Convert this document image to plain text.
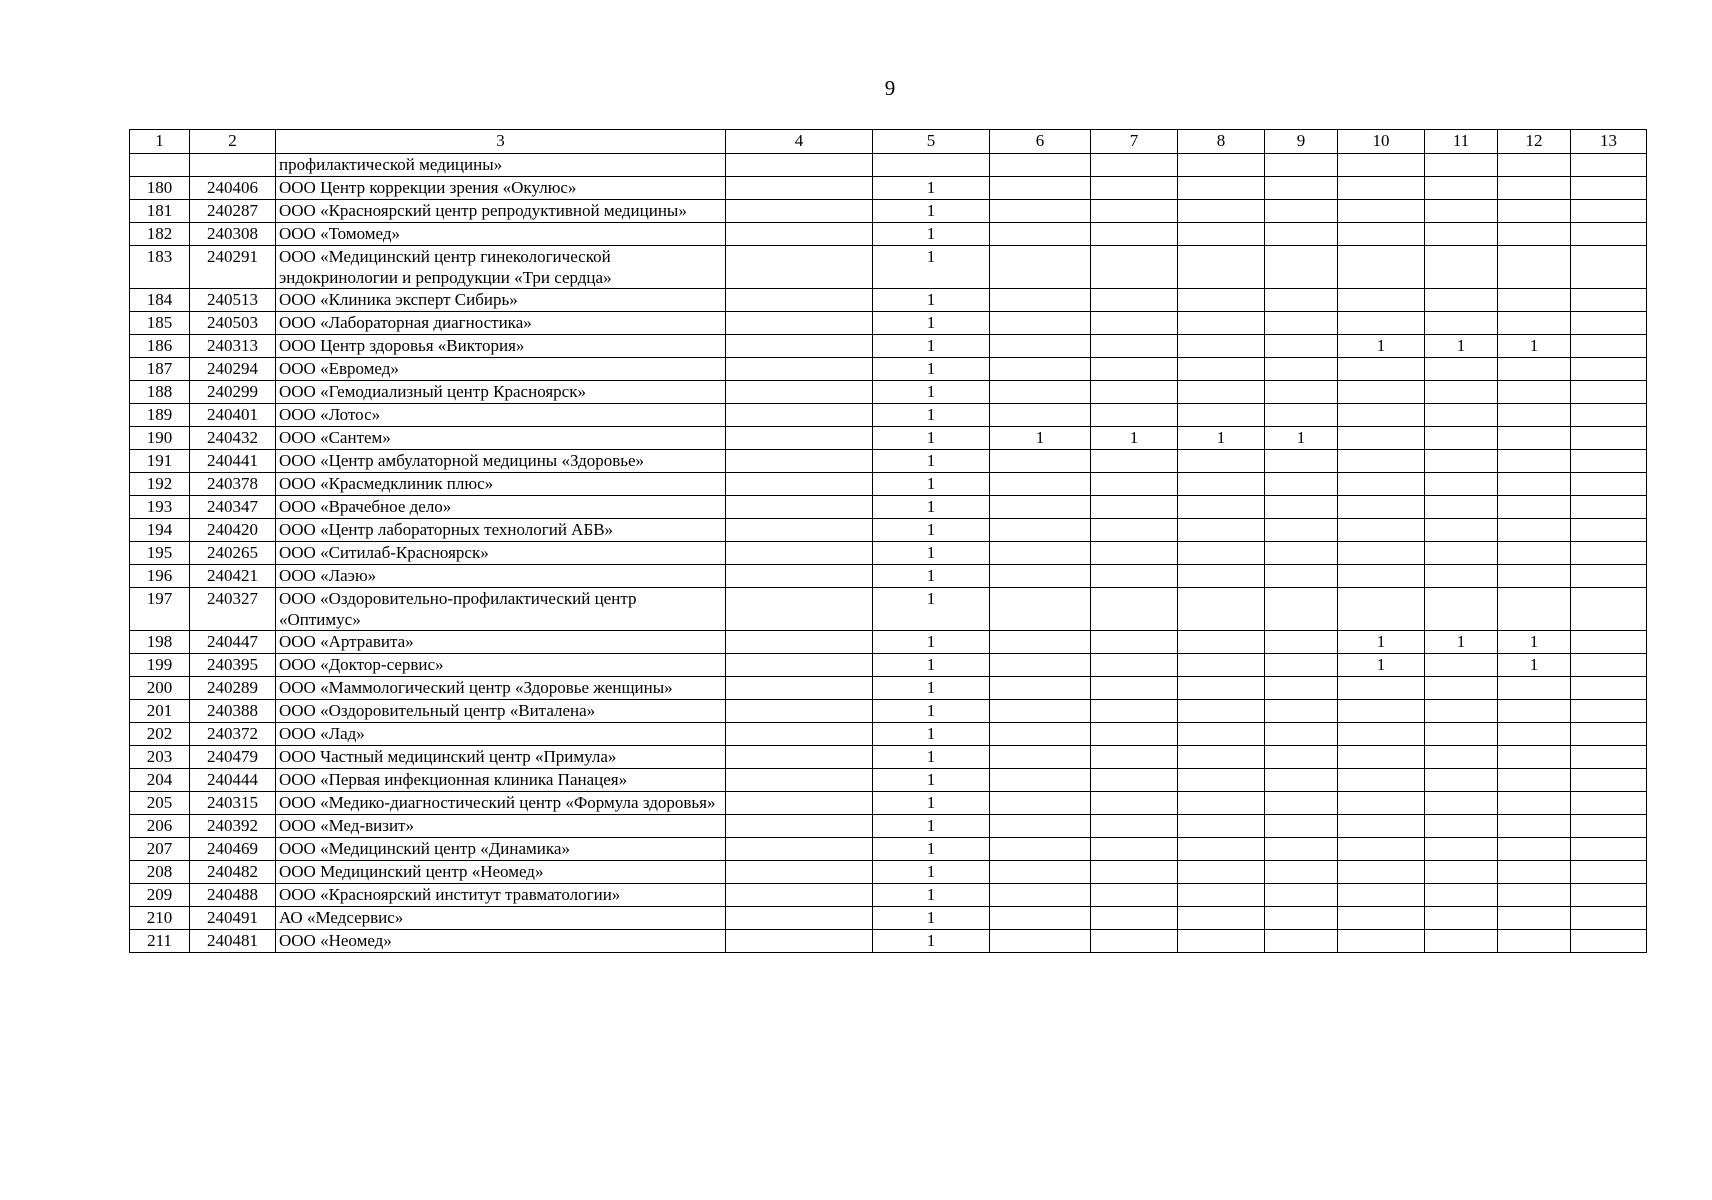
9
1	2	3	4	5	6	7	8	9	10	11	12	13
		профилактической медицины»										
180	240406	ООО Центр коррекции зрения «Окулюс»		1								
181	240287	ООО «Красноярский центр репродуктивной медицины»		1								
182	240308	ООО «Томомед»		1								
183	240291	ООО «Медицинский центр гинекологической эндокринологии и репродукции «Три сердца»		1								
184	240513	ООО «Клиника эксперт Сибирь»		1								
185	240503	ООО «Лабораторная диагностика»		1								
186	240313	ООО Центр здоровья «Виктория»		1					1	1	1	
187	240294	ООО «Евромед»		1								
188	240299	ООО «Гемодиализный центр Красноярск»		1								
189	240401	ООО «Лотос»		1								
190	240432	ООО «Сантем»		1	1	1	1	1				
191	240441	ООО «Центр амбулаторной медицины «Здоровье»		1								
192	240378	ООО «Красмедклиник плюс»		1								
193	240347	ООО «Врачебное дело»		1								
194	240420	ООО «Центр лабораторных технологий АБВ»		1								
195	240265	ООО «Ситилаб-Красноярск»		1								
196	240421	ООО «Лаэю»		1								
197	240327	ООО «Оздоровительно-профилактический центр «Оптимус»		1								
198	240447	ООО «Артравита»		1					1	1	1	
199	240395	ООО «Доктор-сервис»		1					1		1	
200	240289	ООО «Маммологический центр «Здоровье женщины»		1								
201	240388	ООО «Оздоровительный центр «Виталена»		1								
202	240372	ООО «Лад»		1								
203	240479	ООО Частный медицинский центр «Примула»		1								
204	240444	ООО «Первая инфекционная клиника Панацея»		1								
205	240315	ООО «Медико-диагностический центр «Формула здоровья»		1								
206	240392	ООО «Мед-визит»		1								
207	240469	ООО «Медицинский центр «Динамика»		1								
208	240482	ООО Медицинский центр «Неомед»		1								
209	240488	ООО «Красноярский институт травматологии»		1								
210	240491	АО «Медсервис»		1								
211	240481	ООО «Неомед»		1								
